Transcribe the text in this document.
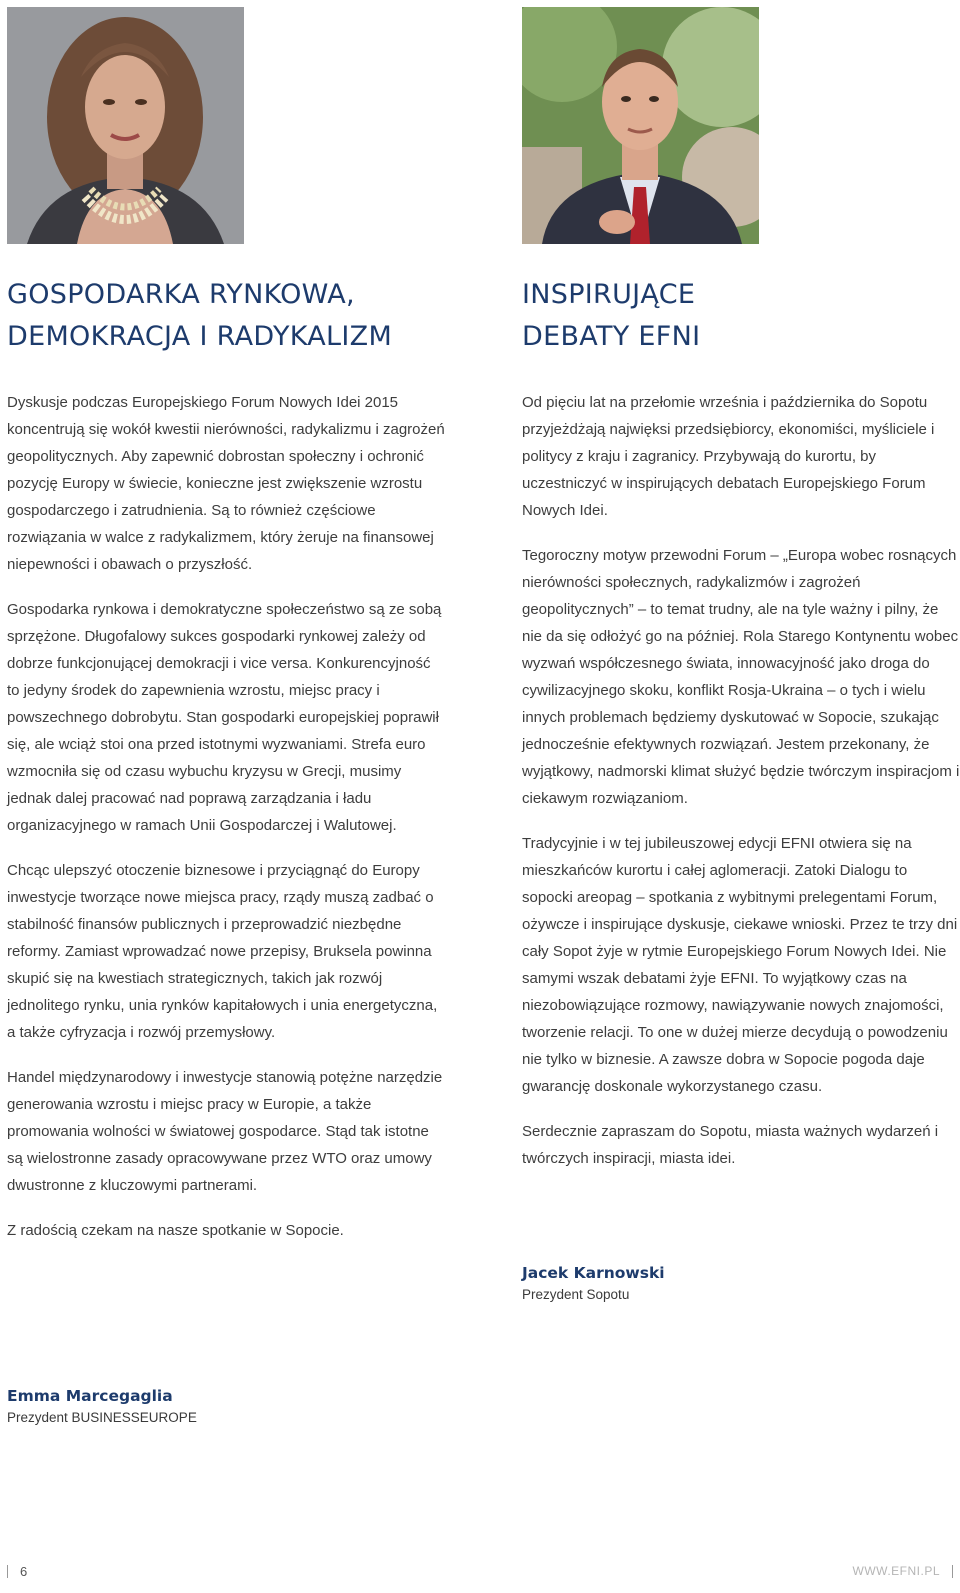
GOSPODARKA RYNKOWA,
DEMOKRACJA I RADYKALIZM

Dyskusje podczas Europejskiego Forum Nowych Idei 2015 koncentrują się wokół kwestii nierówności, radykalizmu i zagrożeń geopolitycznych. Aby zapewnić dobrostan społeczny i ochronić pozycję Europy w świecie, konieczne jest zwiększenie wzrostu gospodarczego i zatrudnienia. Są to również częściowe rozwiązania w walce z radykalizmem, który żeruje na finansowej niepewności i obawach o przyszłość.

Gospodarka rynkowa i demokratyczne społeczeństwo są ze sobą sprzężone. Długofalowy sukces gospodarki rynkowej zależy od dobrze funkcjonującej demokracji i vice versa. Konkurencyjność to jedyny środek do zapewnienia wzrostu, miejsc pracy i powszechnego dobrobytu. Stan gospodarki europejskiej poprawił się, ale wciąż stoi ona przed istotnymi wyzwaniami. Strefa euro wzmocniła się od czasu wybuchu kryzysu w Grecji, musimy jednak dalej pracować nad poprawą zarządzania i ładu organizacyjnego w ramach Unii Gospodarczej i Walutowej.

Chcąc ulepszyć otoczenie biznesowe i przyciągnąć do Europy inwestycje tworzące nowe miejsca pracy, rządy muszą zadbać o stabilność finansów publicznych i przeprowadzić niezbędne reformy. Zamiast wprowadzać nowe przepisy, Bruksela powinna skupić się na kwestiach strategicznych, takich jak rozwój jednolitego rynku, unia rynków kapitałowych i unia energetyczna, a także cyfryzacja i rozwój przemysłowy.

Handel międzynarodowy i inwestycje stanowią potężne narzędzie generowania wzrostu i miejsc pracy w Europie, a także promowania wolności w światowej gospodarce. Stąd tak istotne są wielostronne zasady opracowywane przez WTO oraz umowy dwustronne z kluczowymi partnerami.

Z radością czekam na nasze spotkanie w Sopocie.

Emma Marcegaglia
Prezydent BUSINESSEUROPE
INSPIRUJĄCE
DEBATY EFNI

Od pięciu lat na przełomie września i października do Sopotu przyjeżdżają najwięksi przedsiębiorcy, ekonomiści, myśliciele i politycy z kraju i zagranicy. Przybywają do kurortu, by uczestniczyć w inspirujących debatach Europejskiego Forum Nowych Idei.

Tegoroczny motyw przewodni Forum – „Europa wobec rosnących nierówności społecznych, radykalizmów i zagrożeń geopolitycznych” – to temat trudny, ale na tyle ważny i pilny, że nie da się odłożyć go na później. Rola Starego Kontynentu wobec wyzwań współczesnego świata, innowacyjność jako droga do cywilizacyjnego skoku, konflikt Rosja-Ukraina – o tych i wielu innych problemach będziemy dyskutować w Sopocie, szukając jednocześnie efektywnych rozwiązań. Jestem przekonany, że wyjątkowy, nadmorski klimat służyć będzie twórczym inspiracjom i ciekawym rozwiązaniom.

Tradycyjnie i w tej jubileuszowej edycji EFNI otwiera się na mieszkańców kurortu i całej aglomeracji. Zatoki Dialogu to sopocki areopag – spotkania z wybitnymi prelegentami Forum, ożywcze i inspirujące dyskusje, ciekawe wnioski. Przez te trzy dni cały Sopot żyje w rytmie Europejskiego Forum Nowych Idei. Nie samymi wszak debatami żyje EFNI. To wyjątkowy czas na niezobowiązujące rozmowy, nawiązywanie nowych znajomości, tworzenie relacji. To one w dużej mierze decydują o powodzeniu nie tylko w biznesie. A zawsze dobra w Sopocie pogoda daje gwarancję doskonale wykorzystanego czasu.

Serdecznie zapraszam do Sopotu, miasta ważnych wydarzeń i twórczych inspiracji, miasta idei.

Jacek Karnowski
Prezydent Sopotu
6	WWW.EFNI.PL
